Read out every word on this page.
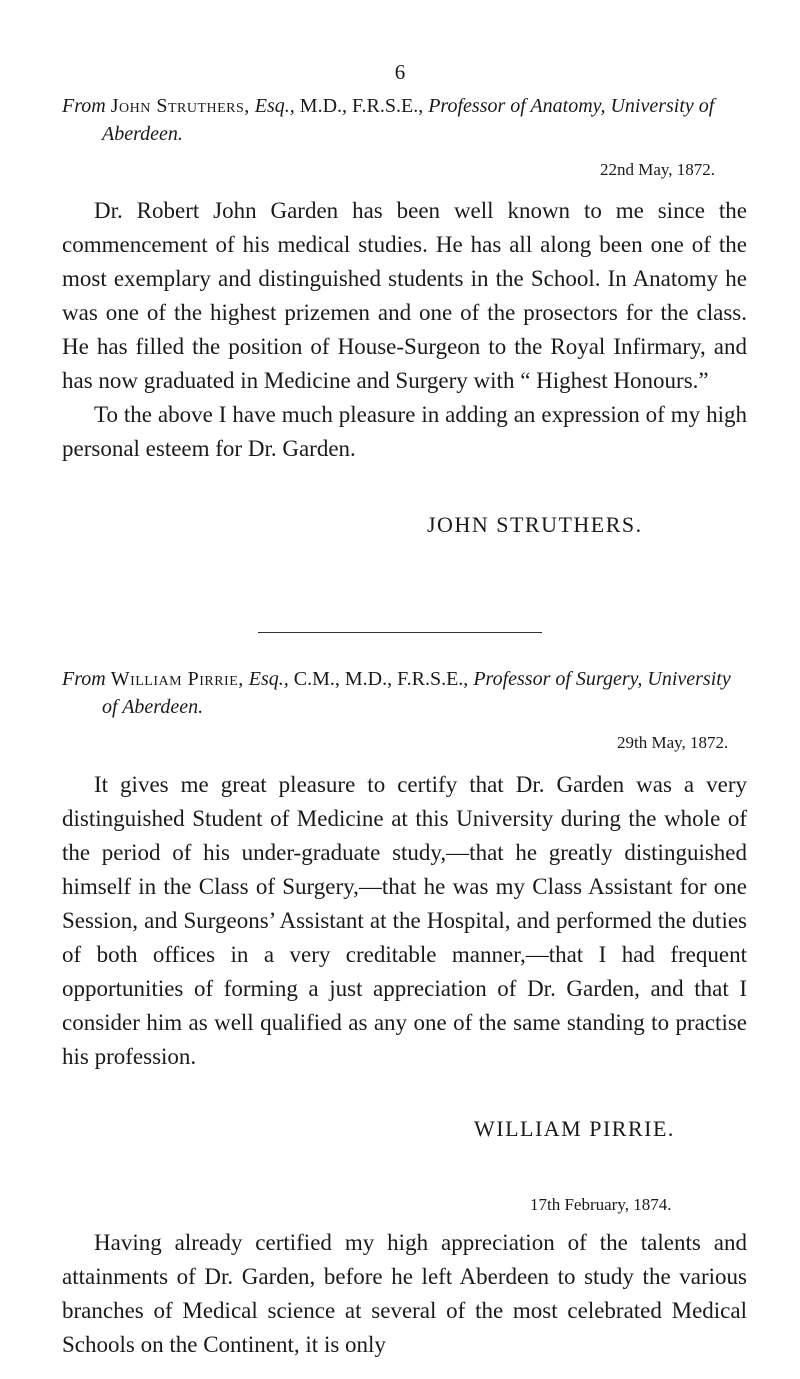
6
From John Struthers, Esq., M.D., F.R.S.E., Professor of Anatomy, University of Aberdeen.
22nd May, 1872.

Dr. Robert John Garden has been well known to me since the commencement of his medical studies. He has all along been one of the most exemplary and distinguished students in the School. In Anatomy he was one of the highest prizemen and one of the prosectors for the class. He has filled the position of House-Surgeon to the Royal Infirmary, and has now graduated in Medicine and Surgery with “ Highest Honours.”

To the above I have much pleasure in adding an expression of my high personal esteem for Dr. Garden.

JOHN STRUTHERS.
From William Pirrie, Esq., C.M., M.D., F.R.S.E., Professor of Surgery, University of Aberdeen.
29th May, 1872.

It gives me great pleasure to certify that Dr. Garden was a very distinguished Student of Medicine at this University during the whole of the period of his under-graduate study,—that he greatly distinguished himself in the Class of Surgery,—that he was my Class Assistant for one Session, and Surgeons’ Assistant at the Hospital, and performed the duties of both offices in a very creditable manner,—that I had frequent opportunities of forming a just appreciation of Dr. Garden, and that I consider him as well qualified as any one of the same standing to practise his profession.

WILLIAM PIRRIE.
17th February, 1874.

Having already certified my high appreciation of the talents and attainments of Dr. Garden, before he left Aberdeen to study the various branches of Medical science at several of the most celebrated Medical Schools on the Continent, it is only
